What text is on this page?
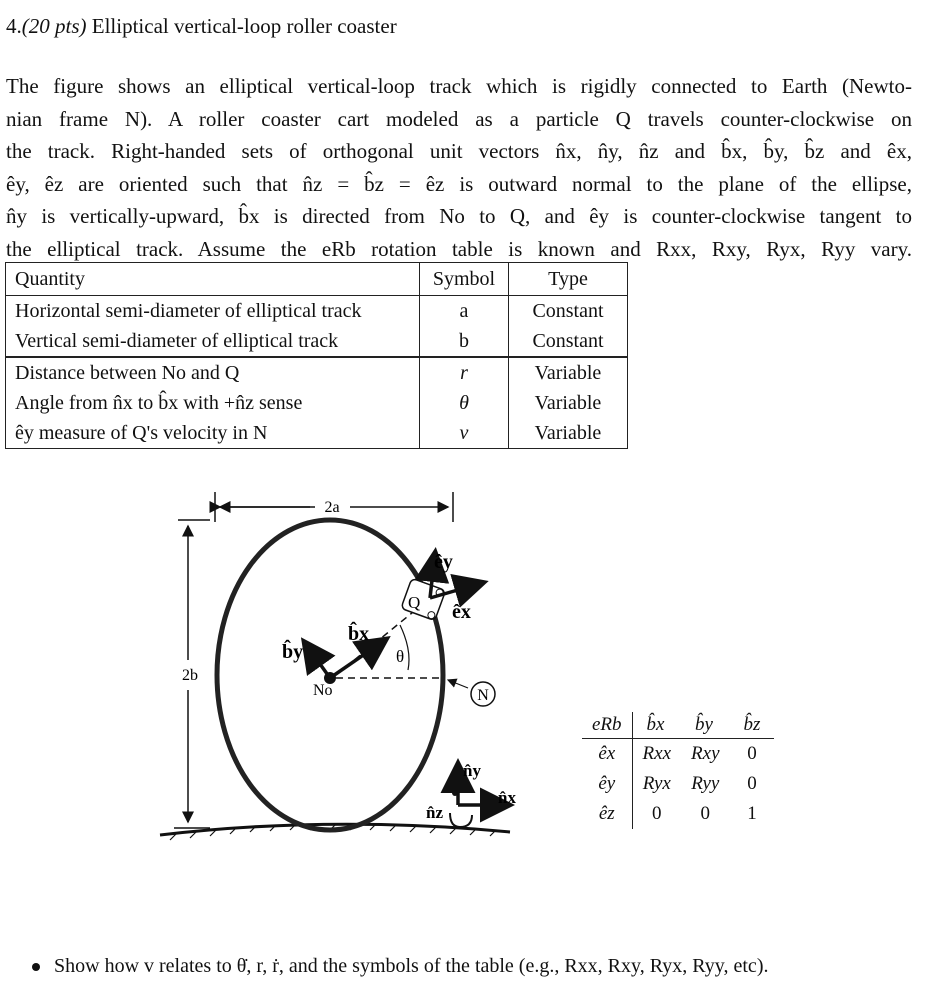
4.(20 pts) Elliptical vertical-loop roller coaster
The figure shows an elliptical vertical-loop track which is rigidly connected to Earth (Newto-
nian frame N). A roller coaster cart modeled as a particle Q travels counter-clockwise on
the track. Right-handed sets of orthogonal unit vectors n̂x, n̂y, n̂z and b̂x, b̂y, b̂z and êx,
êy, êz are oriented such that n̂z = b̂z = êz is outward normal to the plane of the ellipse,
n̂y is vertically-upward, b̂x is directed from No to Q, and êy is counter-clockwise tangent to
the elliptical track. Assume the eRb rotation table is known and Rxx, Rxy, Ryx, Ryy vary.
Quantity	Symbol	Type
Horizontal semi-diameter of elliptical track	a	Constant
Vertical semi-diameter of elliptical track	b	Constant
Distance between No and Q	r	Variable
Angle from n̂x to b̂x with +n̂z sense	θ	Variable
êy measure of Q's velocity in N	v	Variable
2a
2b
No
b̂x
b̂y	θ
Q êx
êy
N
n̂y
n̂x
n̂z
eRb	b̂x	b̂y	b̂z
êx	Rxx	Rxy	0
êy	Ryx	Ryy	0
êz	0	0	1
Show how v relates to θ̇, r, ṙ, and the symbols of the table (e.g., Rxx, Rxy, Ryx, Ryy, etc).
